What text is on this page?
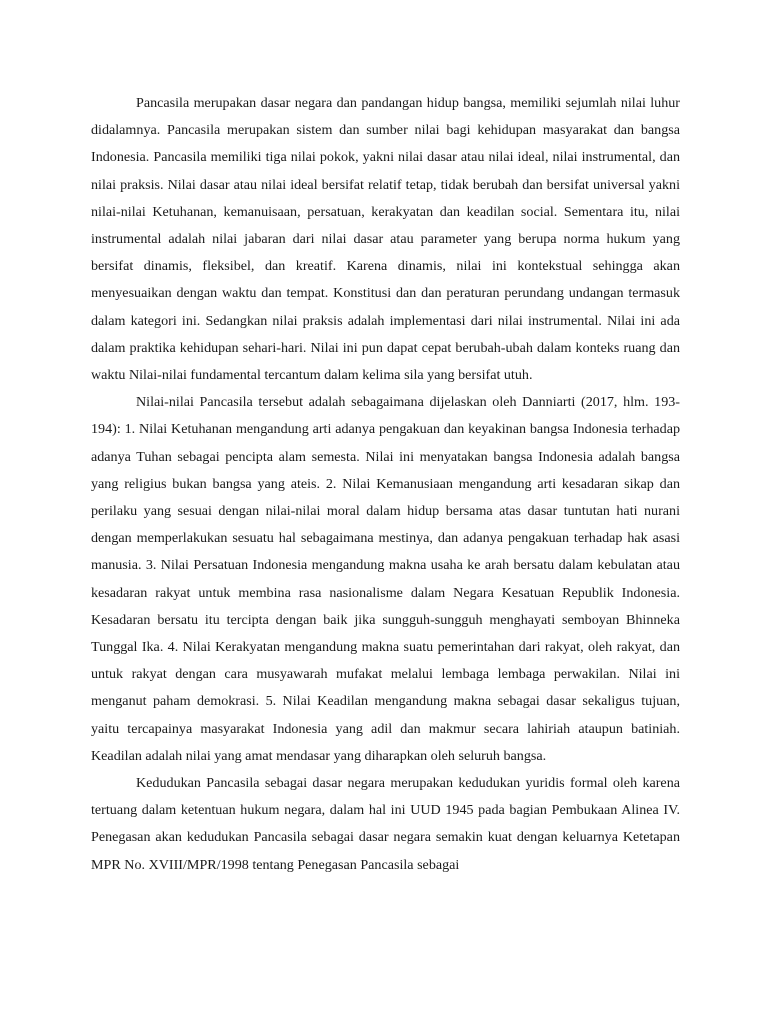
Pancasila merupakan dasar negara dan pandangan hidup bangsa, memiliki sejumlah nilai luhur didalamnya. Pancasila merupakan sistem dan sumber nilai bagi kehidupan masyarakat dan bangsa Indonesia. Pancasila memiliki tiga nilai pokok, yakni nilai dasar atau nilai ideal, nilai instrumental, dan nilai praksis. Nilai dasar atau nilai ideal bersifat relatif tetap, tidak berubah dan bersifat universal yakni nilai-nilai Ketuhanan, kemanuisaan, persatuan, kerakyatan dan keadilan social. Sementara itu, nilai instrumental adalah nilai jabaran dari nilai dasar atau parameter yang berupa norma hukum yang bersifat dinamis, fleksibel, dan kreatif. Karena dinamis, nilai ini kontekstual sehingga akan menyesuaikan dengan waktu dan tempat. Konstitusi dan dan peraturan perundang undangan termasuk dalam kategori ini. Sedangkan nilai praksis adalah implementasi dari nilai instrumental. Nilai ini ada dalam praktika kehidupan sehari-hari. Nilai ini pun dapat cepat berubah-ubah dalam konteks ruang dan waktu Nilai-nilai fundamental tercantum dalam kelima sila yang bersifat utuh.

Nilai-nilai Pancasila tersebut adalah sebagaimana dijelaskan oleh Danniarti (2017, hlm. 193-194): 1. Nilai Ketuhanan mengandung arti adanya pengakuan dan keyakinan bangsa Indonesia terhadap adanya Tuhan sebagai pencipta alam semesta. Nilai ini menyatakan bangsa Indonesia adalah bangsa yang religius bukan bangsa yang ateis. 2. Nilai Kemanusiaan mengandung arti kesadaran sikap dan perilaku yang sesuai dengan nilai-nilai moral dalam hidup bersama atas dasar tuntutan hati nurani dengan memperlakukan sesuatu hal sebagaimana mestinya, dan adanya pengakuan terhadap hak asasi manusia. 3. Nilai Persatuan Indonesia mengandung makna usaha ke arah bersatu dalam kebulatan atau kesadaran rakyat untuk membina rasa nasionalisme dalam Negara Kesatuan Republik Indonesia. Kesadaran bersatu itu tercipta dengan baik jika sungguh-sungguh menghayati semboyan Bhinneka Tunggal Ika. 4. Nilai Kerakyatan mengandung makna suatu pemerintahan dari rakyat, oleh rakyat, dan untuk rakyat dengan cara musyawarah mufakat melalui lembaga lembaga perwakilan. Nilai ini menganut paham demokrasi. 5. Nilai Keadilan mengandung makna sebagai dasar sekaligus tujuan, yaitu tercapainya masyarakat Indonesia yang adil dan makmur secara lahiriah ataupun batiniah. Keadilan adalah nilai yang amat mendasar yang diharapkan oleh seluruh bangsa.

Kedudukan Pancasila sebagai dasar negara merupakan kedudukan yuridis formal oleh karena tertuang dalam ketentuan hukum negara, dalam hal ini UUD 1945 pada bagian Pembukaan Alinea IV. Penegasan akan kedudukan Pancasila sebagai dasar negara semakin kuat dengan keluarnya Ketetapan MPR No. XVIII/MPR/1998 tentang Penegasan Pancasila sebagai
